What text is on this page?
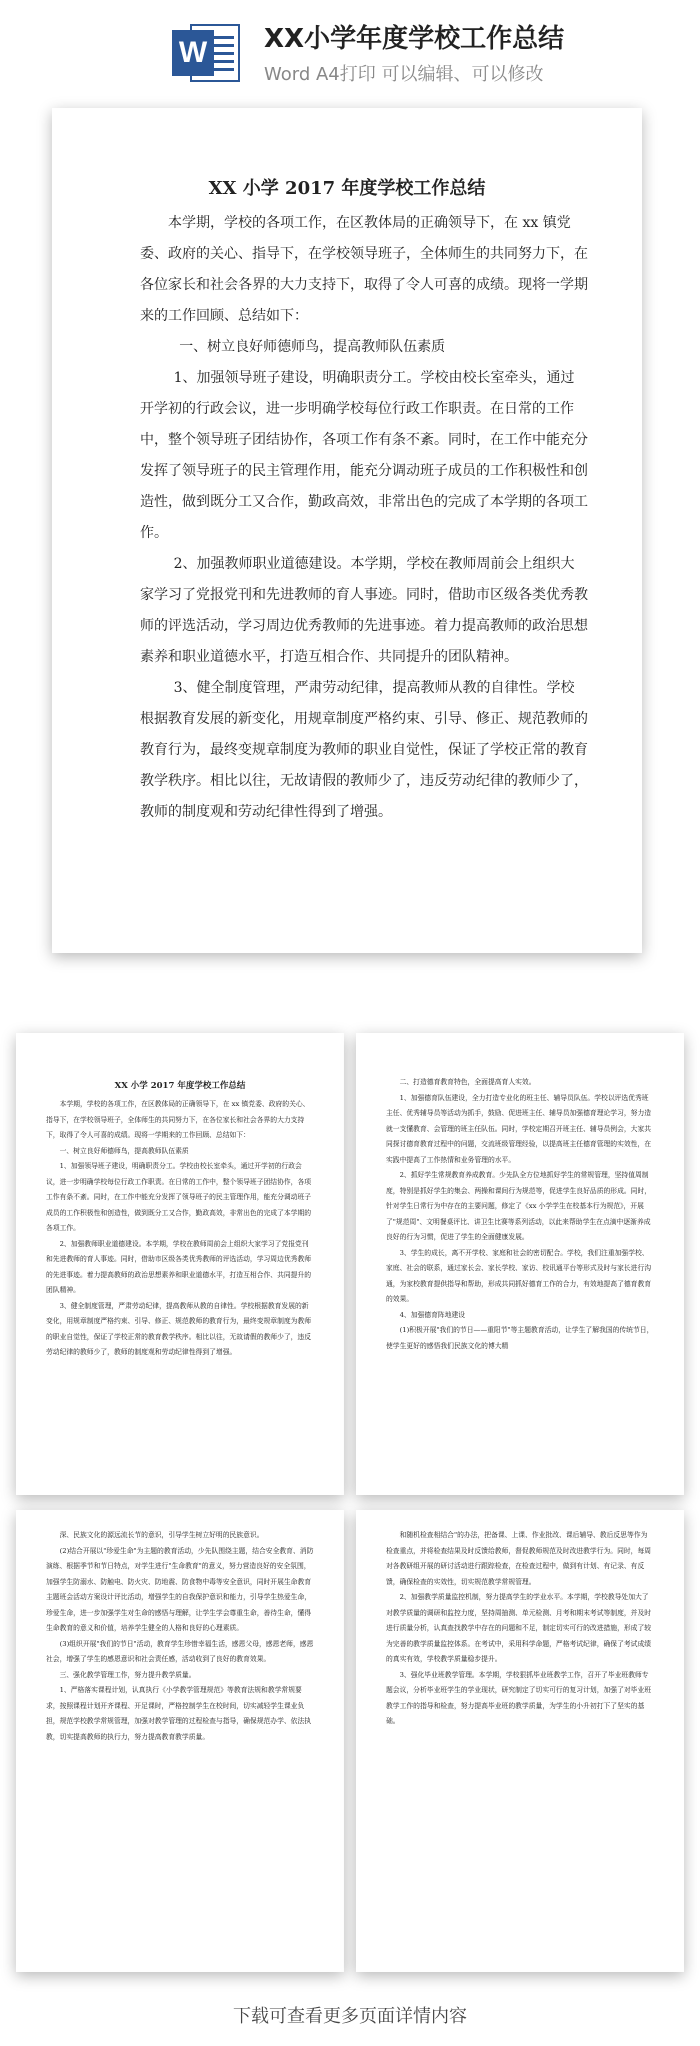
W XX小学年度学校工作总结
Word A4打印 可以编辑、可以修改
XX 小学 2017 年度学校工作总结

本学期，学校的各项工作，在区教体局的正确领导下，在 xx 镇党委、政府的关心、指导下，在学校领导班子，全体师生的共同努力下，在各位家长和社会各界的大力支持下，取得了令人可喜的成绩。现将一学期来的工作回顾、总结如下：

一、树立良好师德师鸟，提高教师队伍素质

1、加强领导班子建设，明确职责分工。学校由校长室牵头，通过开学初的行政会议，进一步明确学校每位行政工作职责。在日常的工作中，整个领导班子团结协作，各项工作有条不紊。同时，在工作中能充分发挥了领导班子的民主管理作用，能充分调动班子成员的工作积极性和创造性，做到既分工又合作，勤政高效，非常出色的完成了本学期的各项工作。

2、加强教师职业道德建设。本学期，学校在教师周前会上组织大家学习了党报党刊和先进教师的育人事迹。同时，借助市区级各类优秀教师的评选活动，学习周边优秀教师的先进事迹。着力提高教师的政治思想素养和职业道德水平，打造互相合作、共同提升的团队精神。

3、健全制度管理，严肃劳动纪律，提高教师从教的自律性。学校根据教育发展的新变化，用规章制度严格约束、引导、修正、规范教师的教育行为，最终变规章制度为教师的职业自觉性，保证了学校正常的教育教学秩序。相比以往，无故请假的教师少了，违反劳动纪律的教师少了，教师的制度观和劳动纪律性得到了增强。

XX 小学 2017 年度学校工作总结

本学期，学校的各项工作，在区教体局的正确领导下，在 xx 镇党委、政府的关心、指导下，在学校领导班子，全体师生的共同努力下，在各位家长和社会各界的大力支持下，取得了令人可喜的成绩。现将一学期来的工作回顾、总结如下：

一、树立良好师德师鸟，提高教师队伍素质

1、加强领导班子建设，明确职责分工。学校由校长室牵头，通过开学初的行政会议，进一步明确学校每位行政工作职责。在日常的工作中，整个领导班子团结协作，各项工作有条不紊。同时，在工作中能充分发挥了领导班子的民主管理作用，能充分调动班子成员的工作积极性和创造性，做到既分工又合作，勤政高效，非常出色的完成了本学期的各项工作。

2、加强教师职业道德建设。本学期，学校在教师周前会上组织大家学习了党报党刊和先进教师的育人事迹。同时，借助市区级各类优秀教师的评选活动，学习周边优秀教师的先进事迹。着力提高教师的政治思想素养和职业道德水平，打造互相合作、共同提升的团队精神。

3、健全制度管理，严肃劳动纪律，提高教师从教的自律性。学校根据教育发展的新变化，用规章制度严格约束、引导、修正、规范教师的教育行为，最终变规章制度为教师的职业自觉性，保证了学校正常的教育教学秩序。相比以往，无故请假的教师少了，违反劳动纪律的教师少了，教师的制度观和劳动纪律性得到了增强。

二、打造德育教育特色，全面提高育人实效。

1、加强德育队伍建设，全力打造专业化的班主任、辅导员队伍。学校以评选优秀班主任、优秀辅导员等活动为抓手，鼓励、促进班主任、辅导员加强德育理论学习，努力造就一支懂教育、会管理的班主任队伍。同时，学校定期召开班主任、辅导员例会，大家共同探讨德育教育过程中的问题，交流班级管理经验，以提高班主任德育管理的实效性，在实践中提高了工作热情和业务管理的水平。

2、抓好学生常规教育养成教育。少先队全方位地抓好学生的常规管理，坚持值周制度，特别是抓好学生的集会、两操和课间行为规范等，促进学生良好品质的形成。同时，针对学生日常行为中存在的主要问题，修定了《xx 小学学生在校基本行为规范》，开展了"规范周"、文明餐桌评比、讲卫生比赛等系列活动，以此来帮助学生在点滴中逐渐养成良好的行为习惯，促进了学生的全面健康发展。

3、学生的成长，离不开学校、家庭和社会的密切配合。学校，我们注重加强学校、家庭、社会的联系，通过家长会、家长学校、家访、校讯通平台等形式及时与家长进行沟通，为家校教育提供指导和帮助，形成共同抓好德育工作的合力，有效地提高了德育教育的效果。

4、加强德育阵地建设

(1)积极开展"我们的节日——重阳节"等主题教育活动，让学生了解我国的传统节日，使学生更好的感悟我们民族文化的博大精

深、民族文化的源远流长节的意识，引导学生树立好明的民族意识。

(2)结合开展以"珍爱生命"为主题的教育活动，少先队围绕主题，结合安全教育、消防演练、根据季节和节日特点，对学生进行"生命教育"的意义，努力营造良好的安全氛围，加强学生防溺水、防触电、防火灾、防地震、防食物中毒等安全意识，同时开展生命教育主题班会活动方案设计评比活动，增强学生的自我保护意识和能力，引导学生热爱生命，珍爱生命，进一步加强学生对生命的感悟与理解，让学生学会尊重生命，善待生命，懂得生命教育的意义和价值，培养学生健全的人格和良好的心理素质。

(3)组织开展"我们的节日"活动，教育学生珍惜幸福生活，感恩父母，感恩老师，感恩社会，增强了学生的感恩意识和社会责任感，活动收到了良好的教育效果。

三、强化教学管理工作，努力提升教学质量。

1、严格落实课程计划，认真执行《小学教学管理规范》等教育法规和教学常规要求，按照课程计划开齐课程、开足课时，严格控制学生在校时间，切实减轻学生课业负担，规范学校教学常规管理，加强对教学管理的过程检查与指导，确保规范办学、依法执教，切实提高教师的执行力，努力提高教育教学质量。

和随机检查相结合"的办法，把备课、上课、作业批改、课后辅导、教后反思等作为检查重点，并将检查结果及时反馈给教师，督促教师规范及时改进教学行为。同时，每周对各教研组开展的研讨活动进行跟踪检查，在检查过程中，做到有计划、有记录、有反馈，确保检查的实效性，切实规范教学常规管理。

2、加强教学质量监控机制，努力提高学生的学业水平。本学期，学校教导处加大了对教学质量的调研和监控力度，坚持周抽测、单元检测、月考和期末考试等制度，并及时进行质量分析，认真查找教学中存在的问题和不足，制定切实可行的改进措施，形成了较为完善的教学质量监控体系。在考试中，采用科学命题，严格考试纪律，确保了考试成绩的真实有效，学校教学质量稳步提升。

3、强化毕业班教学管理。本学期，学校狠抓毕业班教学工作，召开了毕业班教师专题会议，分析毕业班学生的学业现状，研究制定了切实可行的复习计划，加强了对毕业班教学工作的指导和检查，努力提高毕业班的教学质量，为学生的小升初打下了坚实的基础。

下载可查看更多页面详情内容
